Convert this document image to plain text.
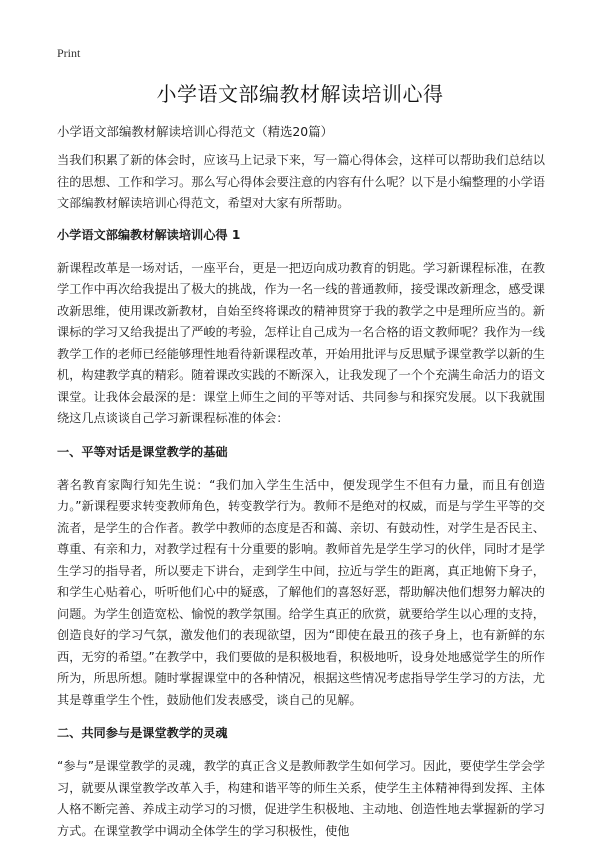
Print
小学语文部编教材解读培训心得
小学语文部编教材解读培训心得范文（精选20篇）

当我们积累了新的体会时，应该马上记录下来，写一篇心得体会，这样可以帮助我们总结以往的思想、工作和学习。那么写心得体会要注意的内容有什么呢？以下是小编整理的小学语文部编教材解读培训心得范文，希望对大家有所帮助。

小学语文部编教材解读培训心得 1

新课程改革是一场对话，一座平台，更是一把迈向成功教育的钥匙。学习新课程标准，在教学工作中再次给我提出了极大的挑战，作为一名一线的普通教师，接受课改新理念，感受课改新思维，使用课改新教材，自始至终将课改的精神贯穿于我的教学之中是理所应当的。新课标的学习又给我提出了严峻的考验，怎样让自己成为一名合格的语文教师呢？我作为一线教学工作的老师已经能够理性地看待新课程改革，开始用批评与反思赋予课堂教学以新的生机，构建教学真的精彩。随着课改实践的不断深入，让我发现了一个个充满生命活力的语文课堂。让我体会最深的是：课堂上师生之间的平等对话、共同参与和探究发展。以下我就围绕这几点谈谈自己学习新课程标准的体会：

一、平等对话是课堂教学的基础

著名教育家陶行知先生说：“我们加入学生生活中，便发现学生不但有力量，而且有创造力。”新课程要求转变教师角色，转变教学行为。教师不是绝对的权威，而是与学生平等的交流者，是学生的合作者。教学中教师的态度是否和蔼、亲切、有鼓动性，对学生是否民主、尊重、有亲和力，对教学过程有十分重要的影响。教师首先是学生学习的伙伴，同时才是学生学习的指导者，所以要走下讲台，走到学生中间，拉近与学生的距离，真正地俯下身子，和学生心贴着心，听听他们心中的疑惑，了解他们的喜怒好恶，帮助解决他们想努力解决的问题。为学生创造宽松、愉悦的教学氛围。给学生真正的欣赏，就要给学生以心理的支持，创造良好的学习气氛，激发他们的表现欲望，因为“即使在最丑的孩子身上，也有新鲜的东西，无穷的希望。”在教学中，我们要做的是积极地看，积极地听，设身处地感觉学生的所作所为，所思所想。随时掌握课堂中的各种情况，根据这些情况考虑指导学生学习的方法，尤其是尊重学生个性，鼓励他们发表感受，谈自己的见解。

二、共同参与是课堂教学的灵魂

“参与”是课堂教学的灵魂，教学的真正含义是教师教学生如何学习。因此，要使学生学会学习，就要从课堂教学改革入手，构建和谐平等的师生关系，使学生主体精神得到发挥、主体人格不断完善、养成主动学习的习惯，促进学生积极地、主动地、创造性地去掌握新的学习方式。在课堂教学中调动全体学生的学习积极性，使他
